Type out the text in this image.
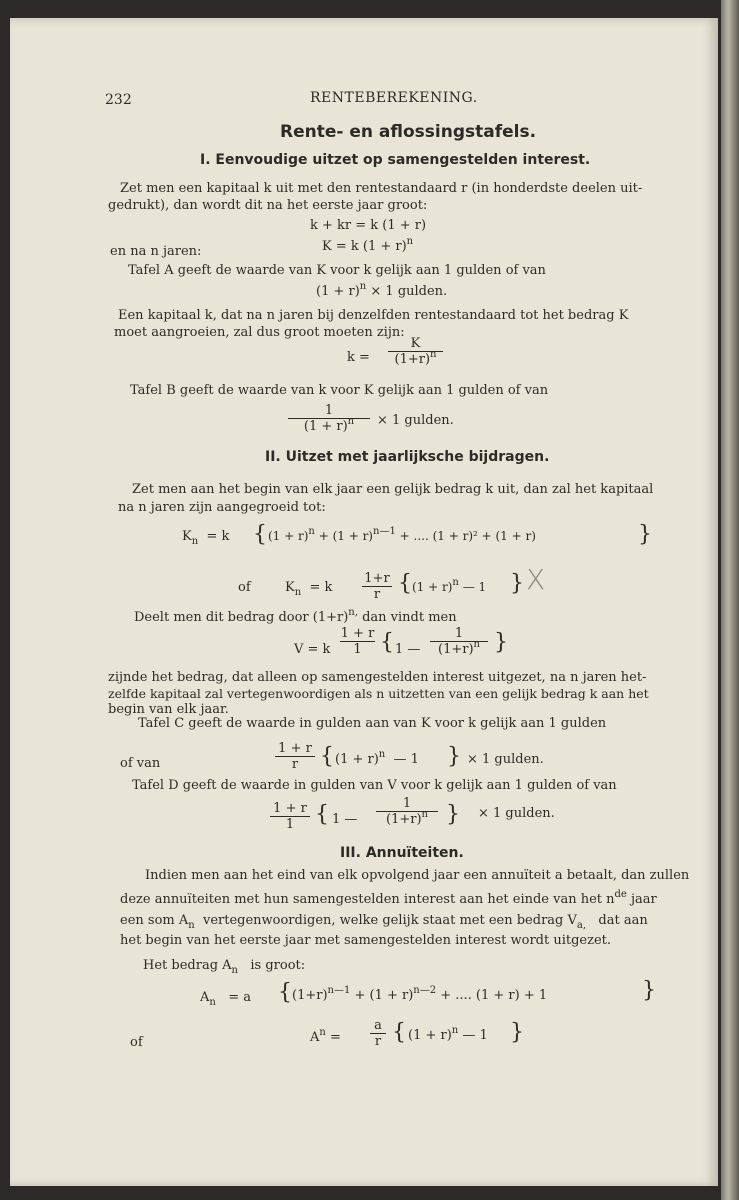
232	RENTEBEREKENING.
Rente- en aflossingstafels.
I. Eenvoudige uitzet op samengestelden interest.
Zet men een kapitaal k uit met den rentestandaard r (in honderdste deelen uit-
gedrukt), dan wordt dit na het eerste jaar groot:
k + kr = k (1 + r)
en na n jaren:	K = k $(1 + r)^n$
Tafel A geeft de waarde van K voor k gelijk aan 1 gulden of van
$(1 + r)^n \times 1$ gulden.
Een kapitaal k, dat na n jaren bij denzelfden rentestandaard tot het bedrag K
moet aangroeien, zal dus groot moeten zijn:
k =
K
$(1+r)^n$
Tafel B geeft de waarde van k voor K gelijk aan 1 gulden of van
1
$(1 + r)^n \times 1$ gulden.
II. Uitzet met jaarlijksche bijdragen.
Zet men aan het begin van elk jaar een gelijk bedrag k uit, dan zal het kapitaal
na n jaren zijn aangegroeid tot:
$K_n = k$ { $(1 + r)^n + (1 + r)^{n—1}$ + .... (1 + r)² + (1 + r)	}
of	$K_n = k$
1+r
r { $(1 + r)^n$ — 1 } X
Deelt men dit bedrag door $(1+r)^{n,}$ dan vindt men
V = k
1 + r
1 { 1 —
1
$(1+r)^n$ }
zijnde het bedrag, dat alleen op samengestelden interest uitgezet, na n jaren het-
zelfde kapitaal zal vertegenwoordigen als n uitzetten van een gelijk bedrag k aan het
begin van elk jaar.
Tafel C geeft de waarde in gulden aan van K voor k gelijk aan 1 gulden
of van
1 + r
r { $(1 + r)^n$ — 1 } × 1 gulden.
Tafel D geeft de waarde in gulden van V voor k gelijk aan 1 gulden of van
1 + r
1 { 1 —
1
$(1+r)^n$ } × 1 gulden.
III. Annuïteiten.
Indien men aan het eind van elk opvolgend jaar een annuïteit a betaalt, dan zullen
deze annuïteiten met hun samengestelden interest aan het einde van het $n^{de}$ jaar
een som $A_n$ vertegenwoordigen, welke gelijk staat met een bedrag $V_{a,}$ dat aan
het begin van het eerste jaar met samengestelden interest wordt uitgezet.
Het bedrag $A_n$ is groot:
$A_n = a$ { $(1+r)^{n—1} + (1 + r)^{n—2}$ + .... (1 + r) + 1	}
of	$A^n$ =
a
r { $(1 + r)^n$ — 1 }
